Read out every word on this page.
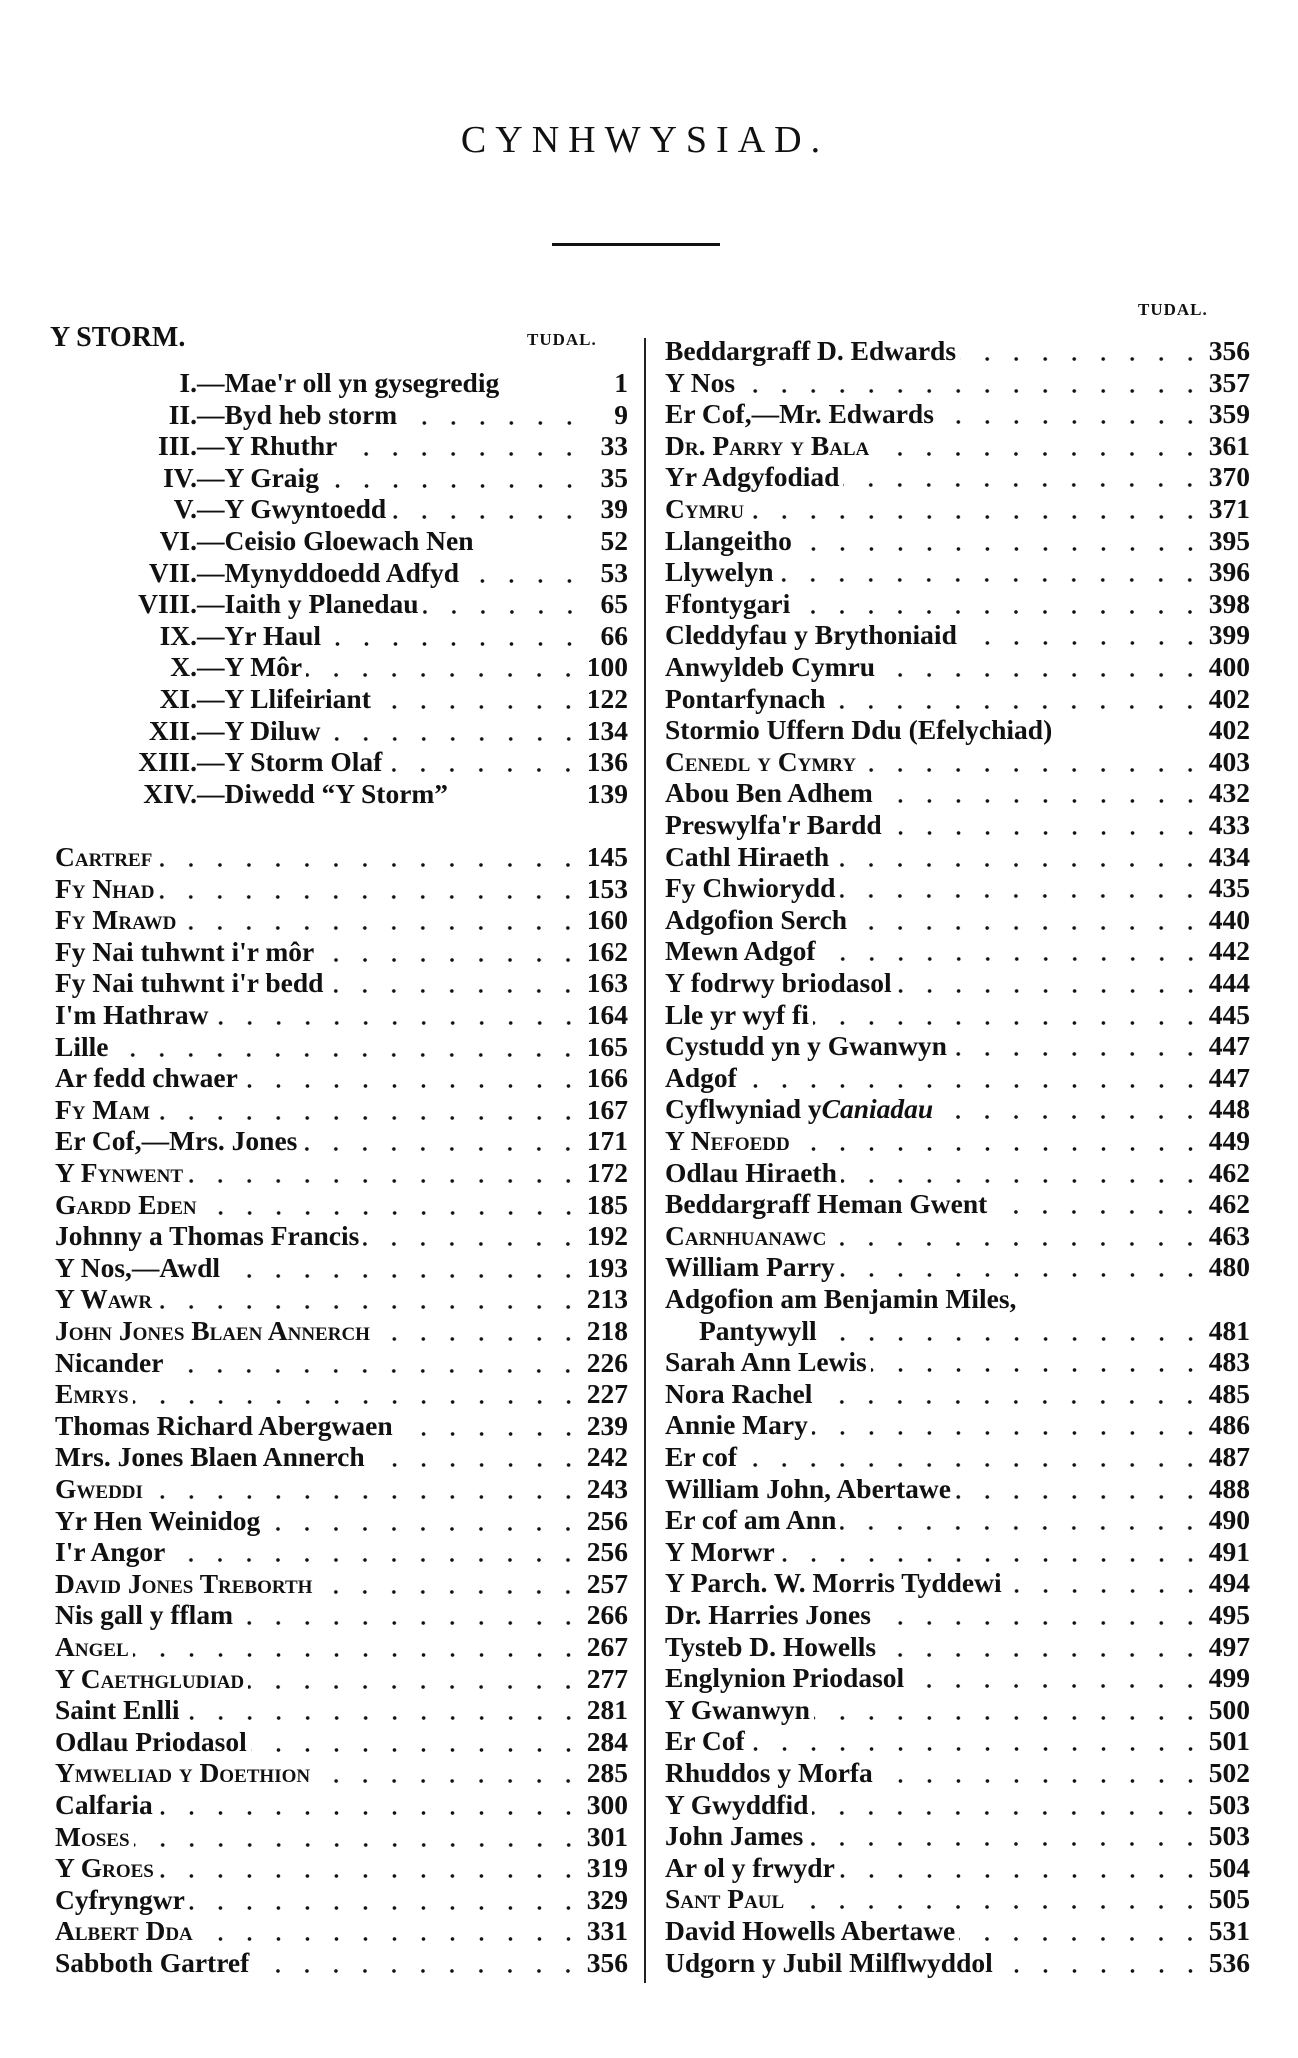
CYNHWYSIAD.
Y STORM.	TUDAL.
TUDAL.
I. —Mae'r oll yn gysegredig	1
II. —Byd heb storm	9
III. —Y Rhuthr	33
IV. —Y Graig	35
V. —Y Gwyntoedd	39
VI. —Ceisio Gloewach Nen	52
VII. —Mynyddoedd Adfyd	53
VIII. —Iaith y Planedau	65
IX. —Yr Haul	66
X. —Y Môr	100
XI. —Y Llifeiriant	122
XII. —Y Diluw	134
XIII. —Y Storm Olaf	136
XIV. —Diwedd “Y Storm”	139
Cartref	145
Fy Nhad	153
Fy Mrawd	160
Fy Nai tuhwnt i'r môr	162
Fy Nai tuhwnt i'r bedd	163
I'm Hathraw	164
Lille	165
Ar fedd chwaer	166
Fy Mam	167
Er Cof,—Mrs. Jones	171
Y Fynwent	172
Gardd Eden	185
Johnny a Thomas Francis	192
Y Nos,—Awdl	193
Y Wawr	213
John Jones Blaen Annerch	218
Nicander	226
Emrys	227
Thomas Richard Abergwaen	239
Mrs. Jones Blaen Annerch	242
Gweddi	243
Yr Hen Weinidog	256
I'r Angor	256
David Jones Treborth	257
Nis gall y fflam	266
Angel	267
Y Caethgludiad	277
Saint Enlli	281
Odlau Priodasol	284
Ymweliad y Doethion	285
Calfaria	300
Moses	301
Y Groes	319
Cyfryngwr	329
Albert Dda	331
Sabboth Gartref	356
Beddargraff D. Edwards	356
Y Nos	357
Er Cof,—Mr. Edwards	359
Dr. Parry y Bala	361
Yr Adgyfodiad	370
Cymru	371
Llangeitho	395
Llywelyn	396
Ffontygari	398
Cleddyfau y Brythoniaid	399
Anwyldeb Cymru	400
Pontarfynach	402
Stormio Uffern Ddu (Efelychiad)	402
Cenedl y Cymry	403
Abou Ben Adhem	432
Preswylfa'r Bardd	433
Cathl Hiraeth	434
Fy Chwiorydd	435
Adgofion Serch	440
Mewn Adgof	442
Y fodrwy briodasol	444
Lle yr wyf fi	445
Cystudd yn y Gwanwyn	447
Adgof	447
Cyflwyniad y Caniadau	448
Y Nefoedd	449
Odlau Hiraeth	462
Beddargraff Heman Gwent	462
Carnhuanawc	463
William Parry	480
Adgofion am Benjamin Miles,
Pantywyll	481
Sarah Ann Lewis	483
Nora Rachel	485
Annie Mary	486
Er cof	487
William John, Abertawe	488
Er cof am Ann	490
Y Morwr	491
Y Parch. W. Morris Tyddewi	494
Dr. Harries Jones	495
Tysteb D. Howells	497
Englynion Priodasol	499
Y Gwanwyn	500
Er Cof	501
Rhuddos y Morfa	502
Y Gwyddfid	503
John James	503
Ar ol y frwydr	504
Sant Paul	505
David Howells Abertawe	531
Udgorn y Jubil Milflwyddol	536
